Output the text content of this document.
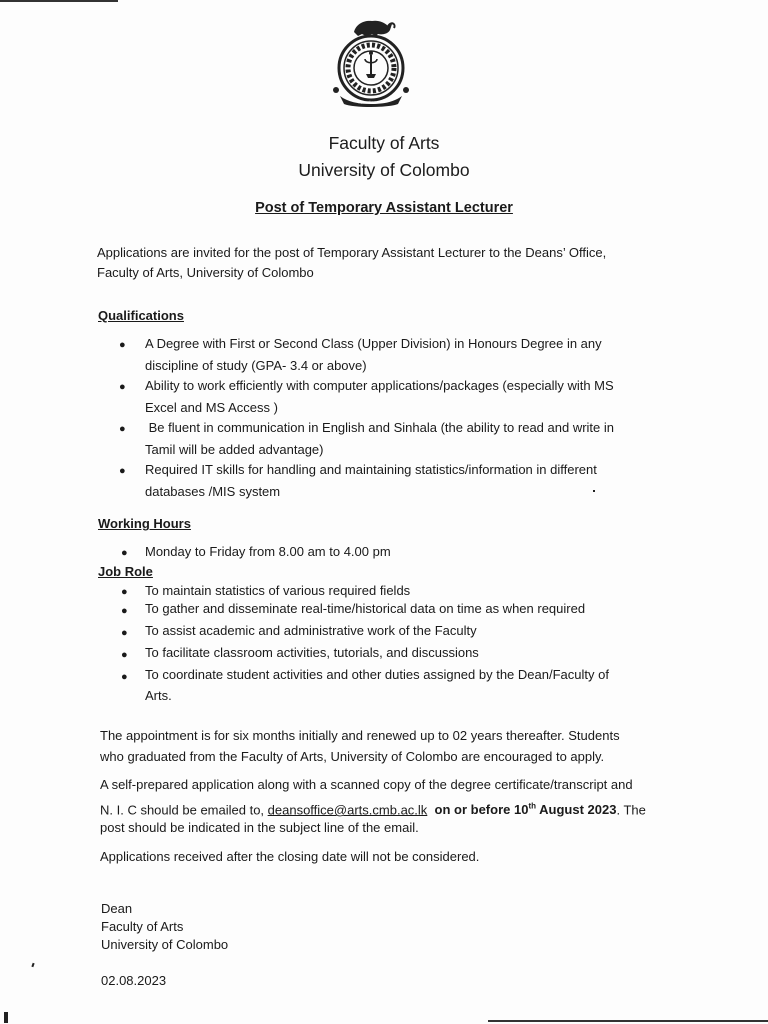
බුද්ධි සර්වත්‍ර භ්‍රාජතේ
Faculty of Arts
University of Colombo
Post of Temporary Assistant Lecturer
Applications are invited for the post of Temporary Assistant Lecturer to the Deans’ Office,
Faculty of Arts, University of Colombo
Qualifications
● A Degree with First or Second Class (Upper Division) in Honours Degree in any
discipline of study (GPA- 3.4 or above)
● Ability to work efficiently with computer applications/packages (especially with MS
Excel and MS Access )
● Be fluent in communication in English and Sinhala (the ability to read and write in
Tamil will be added advantage)
● Required IT skills for handling and maintaining statistics/information in different
databases /MIS system
Working Hours
● Monday to Friday from 8.00 am to 4.00 pm
Job Role
● To maintain statistics of various required fields
● To gather and disseminate real-time/historical data on time as when required
● To assist academic and administrative work of the Faculty
● To facilitate classroom activities, tutorials, and discussions
● To coordinate student activities and other duties assigned by the Dean/Faculty of
Arts.
The appointment is for six months initially and renewed up to 02 years thereafter. Students
who graduated from the Faculty of Arts, University of Colombo are encouraged to apply.
A self-prepared application along with a scanned copy of the degree certificate/transcript and
N. I. C should be emailed to, deansoffice@arts.cmb.ac.lk on or before 10th August 2023. The
post should be indicated in the subject line of the email.
Applications received after the closing date will not be considered.
Dean
Faculty of Arts
University of Colombo
02.08.2023
